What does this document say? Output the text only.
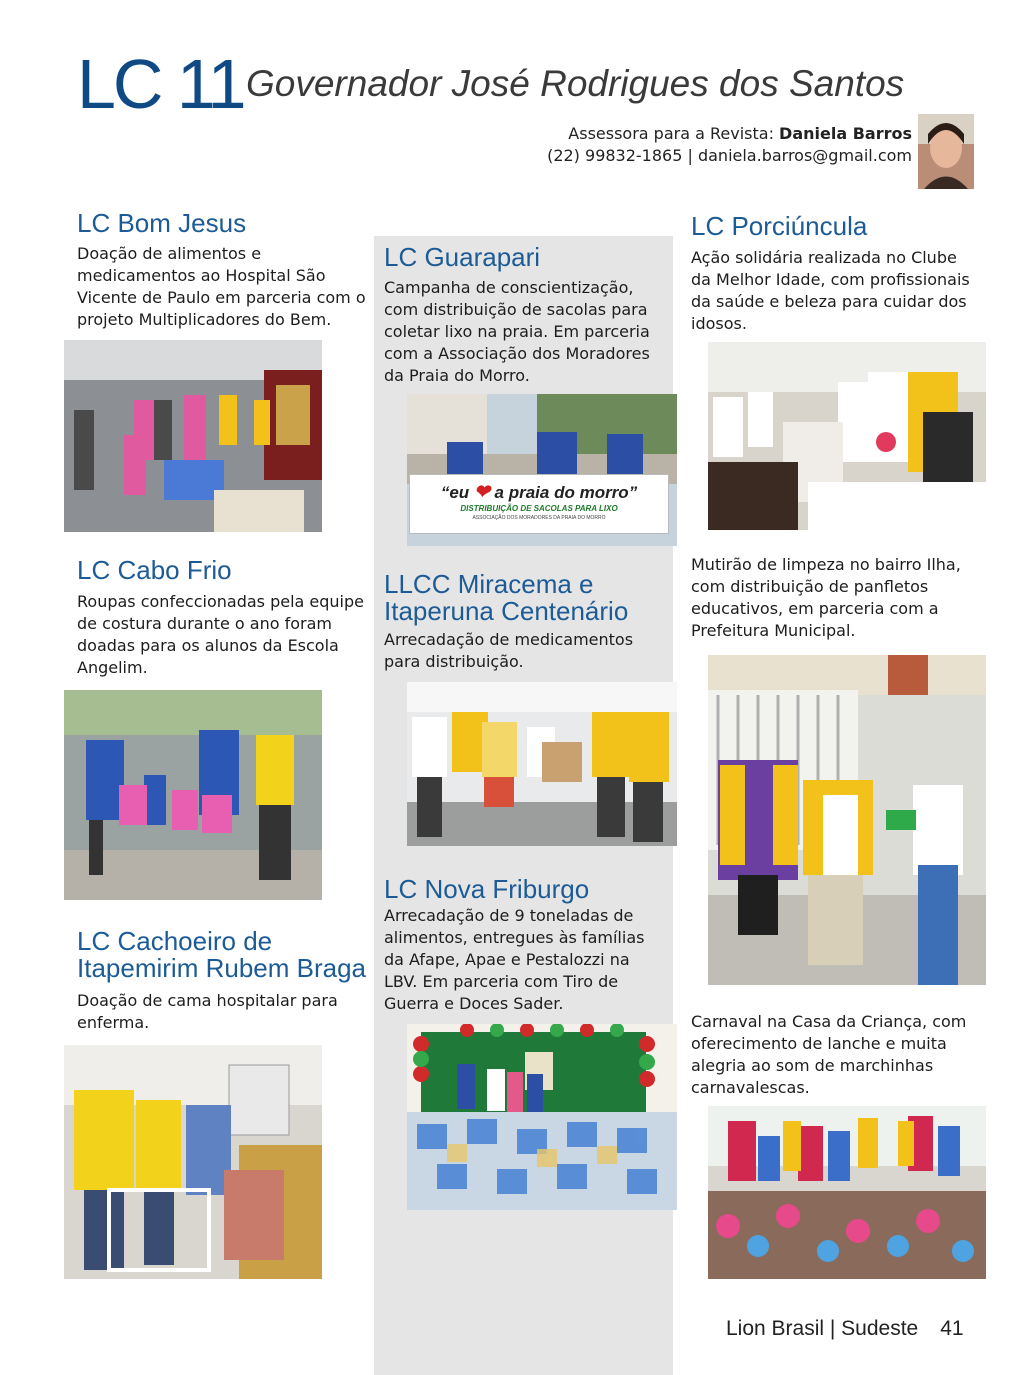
LC 11 Governador José Rodrigues dos Santos
Assessora para a Revista: Daniela Barros
(22) 99832-1865 | daniela.barros@gmail.com
LC Bom Jesus
Doação de alimentos e medicamentos ao Hospital São Vicente de Paulo em parceria com o projeto Multiplicadores do Bem.
LC Cabo Frio
Roupas confeccionadas pela equipe de costura durante o ano foram doadas para os alunos da Escola Angelim.
LC Cachoeiro de
Itapemirim Rubem Braga
Doação de cama hospitalar para enferma.
LC Guarapari
Campanha de conscientização, com distribuição de sacolas para coletar lixo na praia. Em parceria com a Associação dos Moradores da Praia do Morro.
“eu ❤ a praia do morro”
DISTRIBUIÇÃO DE SACOLAS PARA LIXO
ASSOCIAÇÃO DOS MORADORES DA PRAIA DO MORRO
LLCC Miracema e
Itaperuna Centenário
Arrecadação de medicamentos para distribuição.
LC Nova Friburgo
Arrecadação de 9 toneladas de alimentos, entregues às famílias da Afape, Apae e Pestalozzi na LBV. Em parceria com Tiro de Guerra e Doces Sader.
LC Porciúncula
Ação solidária realizada no Clube da Melhor Idade, com profissionais da saúde e beleza para cuidar dos idosos.
Mutirão de limpeza no bairro Ilha, com distribuição de panfletos educativos, em parceria com a Prefeitura Municipal.
Carnaval na Casa da Criança, com oferecimento de lanche e muita alegria ao som de marchinhas carnavalescas.
Lion Brasil | Sudeste 41
